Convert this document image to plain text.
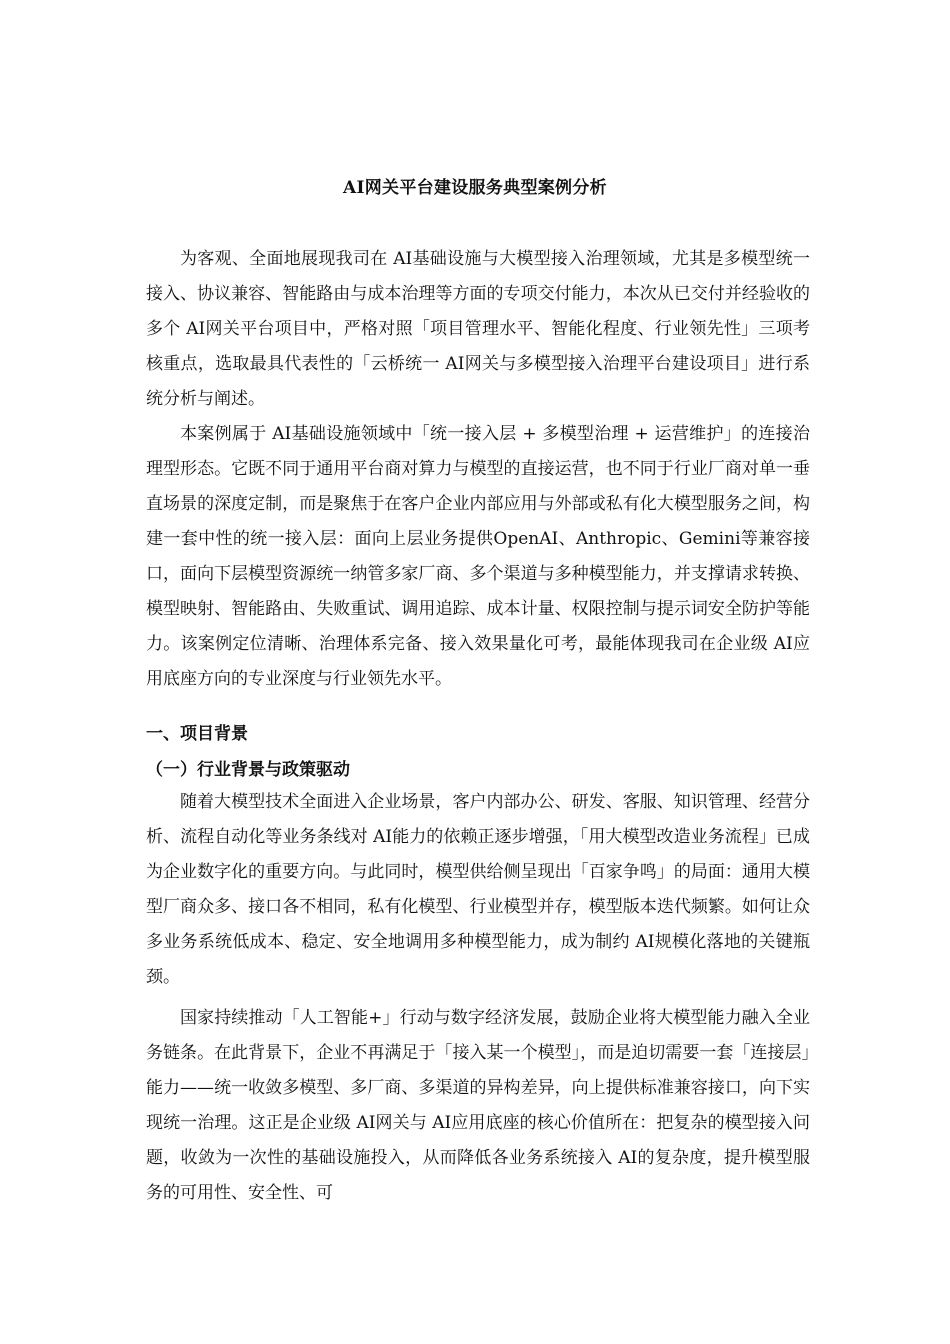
AI网关平台建设服务典型案例分析

为客观、全面地展现我司在 AI基础设施与大模型接入治理领域，尤其是多模型统一接入、协议兼容、智能路由与成本治理等方面的专项交付能力，本次从已交付并经验收的多个 AI网关平台项目中，严格对照「项目管理水平、智能化程度、行业领先性」三项考核重点，选取最具代表性的「云桥统一 AI网关与多模型接入治理平台建设项目」进行系统分析与阐述。

本案例属于 AI基础设施领域中「统一接入层 + 多模型治理 + 运营维护」的连接治理型形态。它既不同于通用平台商对算力与模型的直接运营，也不同于行业厂商对单一垂直场景的深度定制，而是聚焦于在客户企业内部应用与外部或私有化大模型服务之间，构建一套中性的统一接入层：面向上层业务提供OpenAI、Anthropic、Gemini等兼容接口，面向下层模型资源统一纳管多家厂商、多个渠道与多种模型能力，并支撑请求转换、模型映射、智能路由、失败重试、调用追踪、成本计量、权限控制与提示词安全防护等能力。该案例定位清晰、治理体系完备、接入效果量化可考，最能体现我司在企业级 AI应用底座方向的专业深度与行业领先水平。

一、项目背景
（一）行业背景与政策驱动

随着大模型技术全面进入企业场景，客户内部办公、研发、客服、知识管理、经营分析、流程自动化等业务条线对 AI能力的依赖正逐步增强，「用大模型改造业务流程」已成为企业数字化的重要方向。与此同时，模型供给侧呈现出「百家争鸣」的局面：通用大模型厂商众多、接口各不相同，私有化模型、行业模型并存，模型版本迭代频繁。如何让众多业务系统低成本、稳定、安全地调用多种模型能力，成为制约 AI规模化落地的关键瓶颈。

国家持续推动「人工智能+」行动与数字经济发展，鼓励企业将大模型能力融入全业务链条。在此背景下，企业不再满足于「接入某一个模型」，而是迫切需要一套「连接层」能力——统一收敛多模型、多厂商、多渠道的异构差异，向上提供标准兼容接口，向下实现统一治理。这正是企业级 AI网关与 AI应用底座的核心价值所在：把复杂的模型接入问题，收敛为一次性的基础设施投入，从而降低各业务系统接入 AI的复杂度，提升模型服务的可用性、安全性、可
